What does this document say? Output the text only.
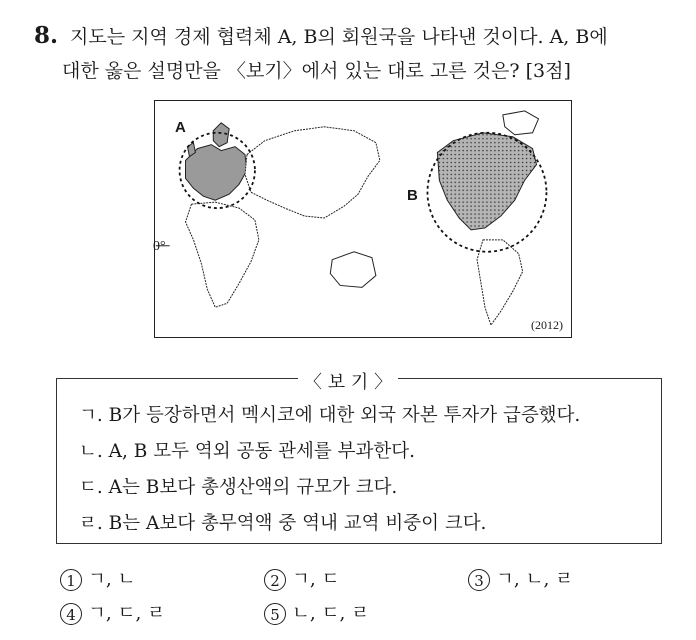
8. 지도는 지역 경제 협력체 A, B의 회원국을 나타낸 것이다. A, B에
대한 옳은 설명만을 〈보기〉에서 있는 대로 고른 것은? [3점]
A
B
0°
(2012)
〈 보 기 〉
ㄱ. B가 등장하면서 멕시코에 대한 외국 자본 투자가 급증했다.
ㄴ. A, B 모두 역외 공동 관세를 부과한다.
ㄷ. A는 B보다 총생산액의 규모가 크다.
ㄹ. B는 A보다 총무역액 중 역내 교역 비중이 크다.
1 ㄱ, ㄴ	2 ㄱ, ㄷ	3 ㄱ, ㄴ, ㄹ
4 ㄱ, ㄷ, ㄹ	5 ㄴ, ㄷ, ㄹ
